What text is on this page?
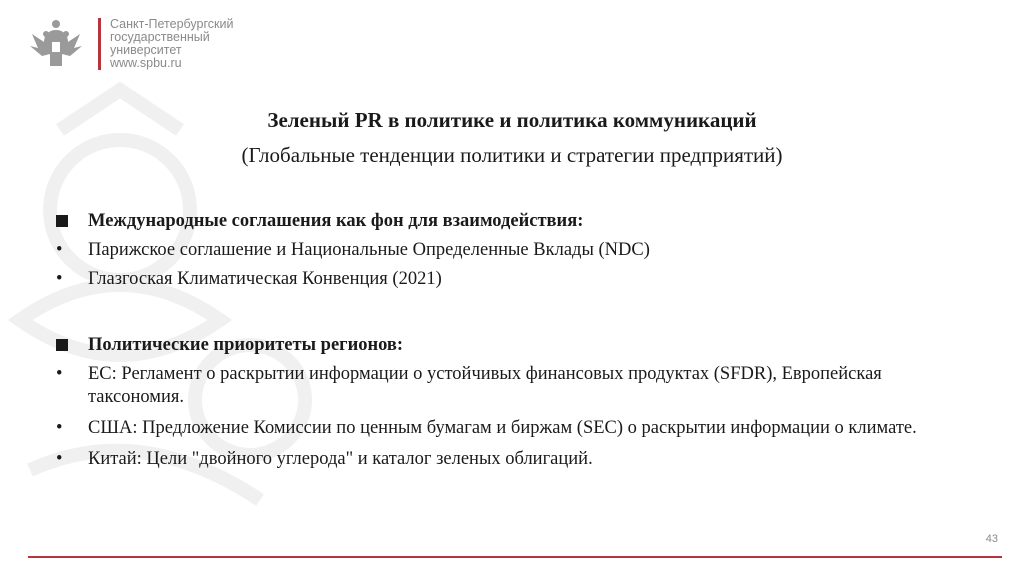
Санкт-Петербургский
государственный
университет
www.spbu.ru
Зеленый PR в политике и политика коммуникаций
(Глобальные тенденции политики и стратегии предприятий)
Международные соглашения как фон для взаимодействия:
•	Парижское соглашение и Национальные Определенные Вклады (NDC)
•	Глазгоская Климатическая Конвенция (2021)
Политические приоритеты регионов:
•	ЕС: Регламент о раскрытии информации о устойчивых финансовых продуктах (SFDR), Европейская таксономия.
•	США: Предложение Комиссии по ценным бумагам и биржам (SEC) о раскрытии информации о климате.
•	Китай: Цели "двойного углерода" и каталог зеленых облигаций.
43
